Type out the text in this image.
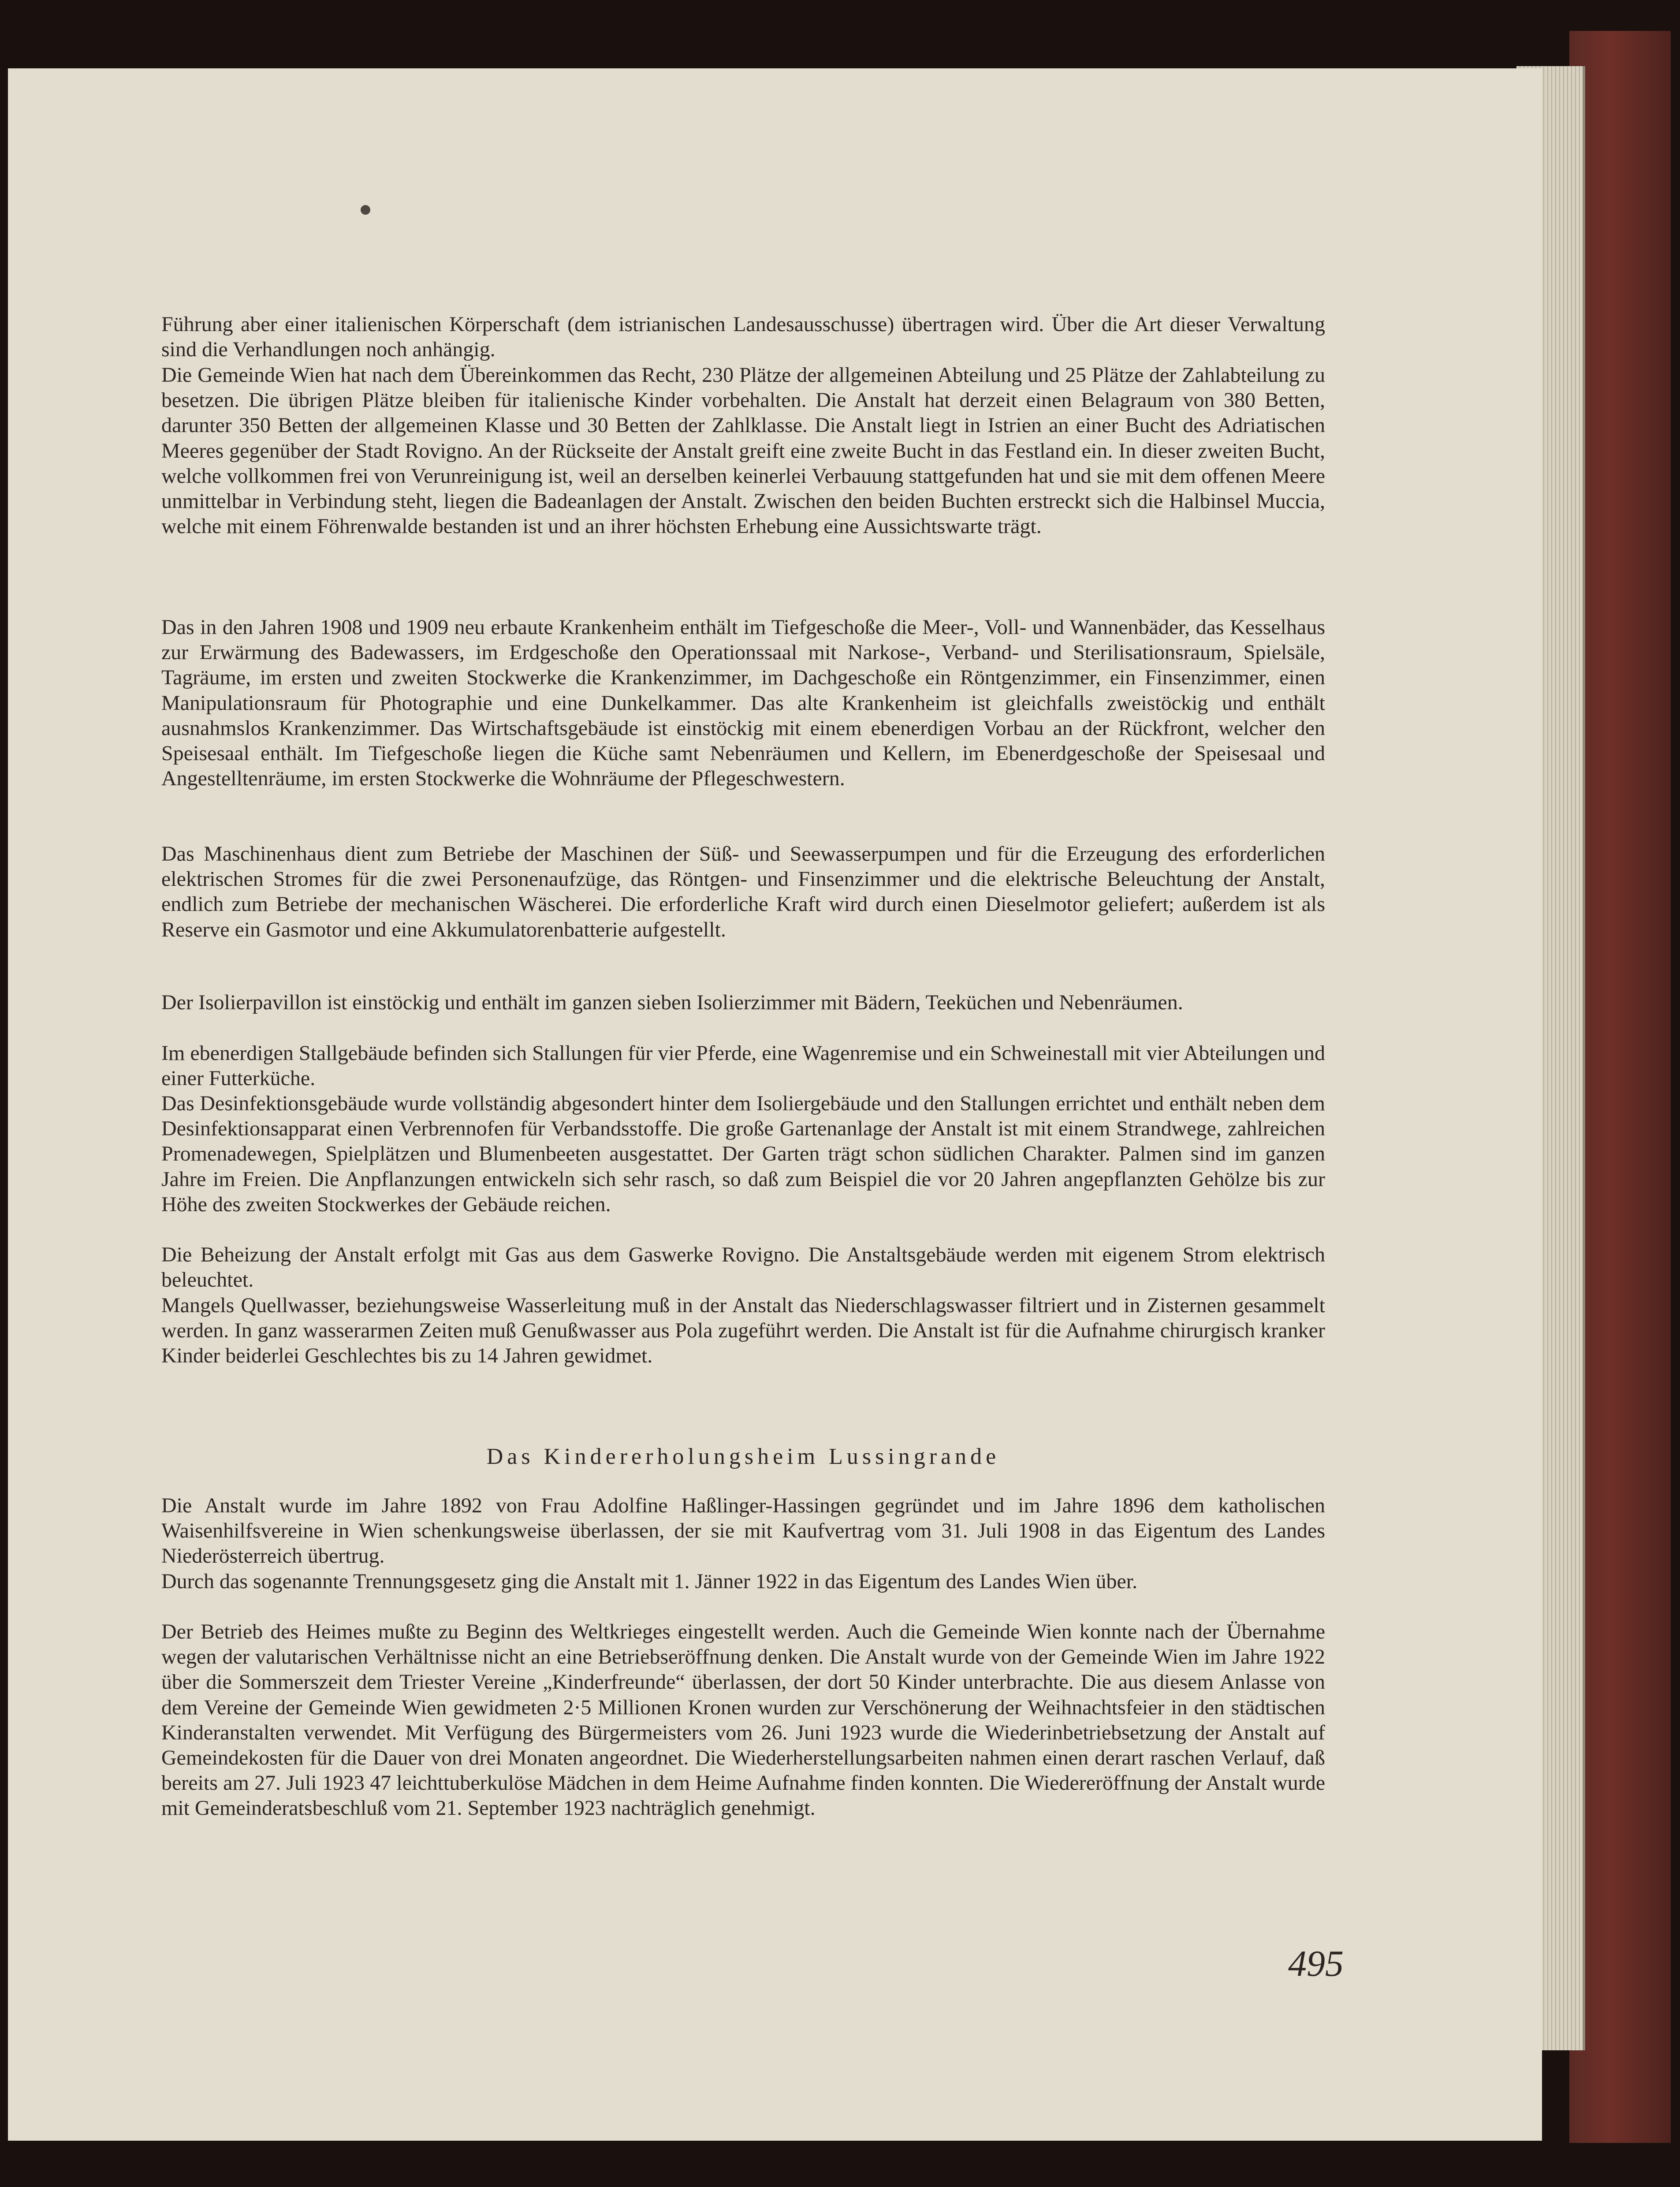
Führung aber einer italienischen Körperschaft (dem istrianischen Landesausschusse) übertragen wird. Über die Art dieser Verwaltung sind die Verhandlungen noch anhängig.

Die Gemeinde Wien hat nach dem Übereinkommen das Recht, 230 Plätze der allgemeinen Abteilung und 25 Plätze der Zahlabteilung zu besetzen. Die übrigen Plätze bleiben für italienische Kinder vorbehalten. Die Anstalt hat derzeit einen Belagraum von 380 Betten, darunter 350 Betten der allgemeinen Klasse und 30 Betten der Zahlklasse. Die Anstalt liegt in Istrien an einer Bucht des Adriatischen Meeres gegenüber der Stadt Rovigno. An der Rückseite der Anstalt greift eine zweite Bucht in das Festland ein. In dieser zweiten Bucht, welche vollkommen frei von Verunreinigung ist, weil an derselben keinerlei Verbauung stattgefunden hat und sie mit dem offenen Meere unmittelbar in Verbindung steht, liegen die Badeanlagen der Anstalt. Zwischen den beiden Buchten erstreckt sich die Halbinsel Muccia, welche mit einem Föhrenwalde bestanden ist und an ihrer höchsten Erhebung eine Aussichtswarte trägt.

Das in den Jahren 1908 und 1909 neu erbaute Krankenheim enthält im Tiefgeschoße die Meer-, Voll- und Wannenbäder, das Kesselhaus zur Erwärmung des Badewassers, im Erdgeschoße den Operationssaal mit Narkose-, Verband- und Sterilisationsraum, Spielsäle, Tagräume, im ersten und zweiten Stockwerke die Krankenzimmer, im Dachgeschoße ein Röntgenzimmer, ein Finsenzimmer, einen Manipulationsraum für Photographie und eine Dunkelkammer. Das alte Krankenheim ist gleichfalls zweistöckig und enthält ausnahmslos Krankenzimmer. Das Wirtschaftsgebäude ist einstöckig mit einem ebenerdigen Vorbau an der Rückfront, welcher den Speisesaal enthält. Im Tiefgeschoße liegen die Küche samt Nebenräumen und Kellern, im Ebenerdgeschoße der Speisesaal und Angestelltenräume, im ersten Stockwerke die Wohnräume der Pflegeschwestern.

Das Maschinenhaus dient zum Betriebe der Maschinen der Süß- und Seewasserpumpen und für die Erzeugung des erforderlichen elektrischen Stromes für die zwei Personenaufzüge, das Röntgen- und Finsenzimmer und die elektrische Beleuchtung der Anstalt, endlich zum Betriebe der mechanischen Wäscherei. Die erforderliche Kraft wird durch einen Dieselmotor geliefert; außerdem ist als Reserve ein Gasmotor und eine Akkumulatorenbatterie aufgestellt.

Der Isolierpavillon ist einstöckig und enthält im ganzen sieben Isolierzimmer mit Bädern, Teeküchen und Nebenräumen.

Im ebenerdigen Stallgebäude befinden sich Stallungen für vier Pferde, eine Wagenremise und ein Schweinestall mit vier Abteilungen und einer Futterküche.

Das Desinfektionsgebäude wurde vollständig abgesondert hinter dem Isoliergebäude und den Stallungen errichtet und enthält neben dem Desinfektionsapparat einen Verbrennofen für Verbandsstoffe. Die große Gartenanlage der Anstalt ist mit einem Strandwege, zahlreichen Promenadewegen, Spielplätzen und Blumenbeeten ausgestattet. Der Garten trägt schon südlichen Charakter. Palmen sind im ganzen Jahre im Freien. Die Anpflanzungen entwickeln sich sehr rasch, so daß zum Beispiel die vor 20 Jahren angepflanzten Gehölze bis zur Höhe des zweiten Stockwerkes der Gebäude reichen.

Die Beheizung der Anstalt erfolgt mit Gas aus dem Gaswerke Rovigno. Die Anstaltsgebäude werden mit eigenem Strom elektrisch beleuchtet.

Mangels Quellwasser, beziehungsweise Wasserleitung muß in der Anstalt das Niederschlagswasser filtriert und in Zisternen gesammelt werden. In ganz wasserarmen Zeiten muß Genußwasser aus Pola zugeführt werden. Die Anstalt ist für die Aufnahme chirurgisch kranker Kinder beiderlei Geschlechtes bis zu 14 Jahren gewidmet.

Das Kindererholungsheim Lussingrande

Die Anstalt wurde im Jahre 1892 von Frau Adolfine Haßlinger-Hassingen gegründet und im Jahre 1896 dem katholischen Waisenhilfsvereine in Wien schenkungsweise überlassen, der sie mit Kaufvertrag vom 31. Juli 1908 in das Eigentum des Landes Niederösterreich übertrug.

Durch das sogenannte Trennungsgesetz ging die Anstalt mit 1. Jänner 1922 in das Eigentum des Landes Wien über.

Der Betrieb des Heimes mußte zu Beginn des Weltkrieges eingestellt werden. Auch die Gemeinde Wien konnte nach der Übernahme wegen der valutarischen Verhältnisse nicht an eine Betriebseröffnung denken. Die Anstalt wurde von der Gemeinde Wien im Jahre 1922 über die Sommerszeit dem Triester Vereine „Kinderfreunde“ überlassen, der dort 50 Kinder unterbrachte. Die aus diesem Anlasse von dem Vereine der Gemeinde Wien gewidmeten 2·5 Millionen Kronen wurden zur Verschönerung der Weihnachtsfeier in den städtischen Kinderanstalten verwendet. Mit Verfügung des Bürgermeisters vom 26. Juni 1923 wurde die Wiederinbetriebsetzung der Anstalt auf Gemeindekosten für die Dauer von drei Monaten angeordnet. Die Wiederherstellungsarbeiten nahmen einen derart raschen Verlauf, daß bereits am 27. Juli 1923 47 leichttuberkulöse Mädchen in dem Heime Aufnahme finden konnten. Die Wiedereröffnung der Anstalt wurde mit Gemeinderatsbeschluß vom 21. September 1923 nachträglich genehmigt.

495
